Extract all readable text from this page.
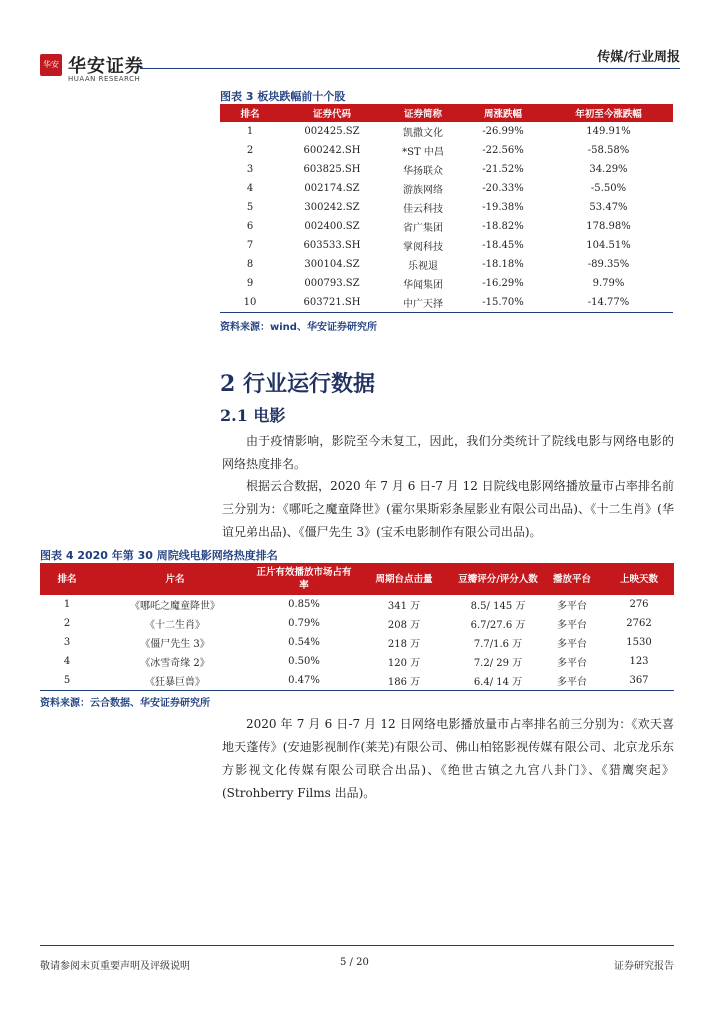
华安 华安证券
HUAAN RESEARCH
传媒/行业周报
图表 3 板块跌幅前十个股
排名	证券代码	证券简称	周涨跌幅	年初至今涨跌幅
1	002425.SZ	凯撒文化	-26.99%	149.91%
2	600242.SH	*ST 中昌	-22.56%	-58.58%
3	603825.SH	华扬联众	-21.52%	34.29%
4	002174.SZ	游族网络	-20.33%	-5.50%
5	300242.SZ	佳云科技	-19.38%	53.47%
6	002400.SZ	省广集团	-18.82%	178.98%
7	603533.SH	掌阅科技	-18.45%	104.51%
8	300104.SZ	乐视退	-18.18%	-89.35%
9	000793.SZ	华闻集团	-16.29%	9.79%
10	603721.SH	中广天择	-15.70%	-14.77%
资料来源：wind、华安证券研究所
2 行业运行数据
2.1 电影
由于疫情影响，影院至今未复工，因此，我们分类统计了院线电影与网络电影的网络热度排名。
根据云合数据，2020 年 7 月 6 日-7 月 12 日院线电影网络播放量市占率排名前三分别为：《哪吒之魔童降世》(霍尔果斯彩条屋影业有限公司出品)、《十二生肖》(华谊兄弟出品)、《僵尸先生 3》(宝禾电影制作有限公司出品)。
图表 4 2020 年第 30 周院线电影网络热度排名
排名	片名	正片有效播放市场占有率	周期台点击量	豆瓣评分/评分人数	播放平台	上映天数
1	《哪吒之魔童降世》	0.85%	341 万	8.5/ 145 万	多平台	276
2	《十二生肖》	0.79%	208 万	6.7/27.6 万	多平台	2762
3	《僵尸先生 3》	0.54%	218 万	7.7/1.6 万	多平台	1530
4	《冰雪奇缘 2》	0.50%	120 万	7.2/ 29 万	多平台	123
5	《狂暴巨兽》	0.47%	186 万	6.4/ 14 万	多平台	367
资料来源：云合数据、华安证券研究所
2020 年 7 月 6 日-7 月 12 日网络电影播放量市占率排名前三分别为：《欢天喜地天蓬传》(安迪影视制作(莱芜)有限公司、佛山柏铭影视传媒有限公司、北京龙乐东方影视文化传媒有限公司联合出品)、《绝世古镇之九宫八卦门》、《猎鹰突起》(Strohberry Films 出品)。
敬请参阅末页重要声明及评级说明	5 / 20	证券研究报告
